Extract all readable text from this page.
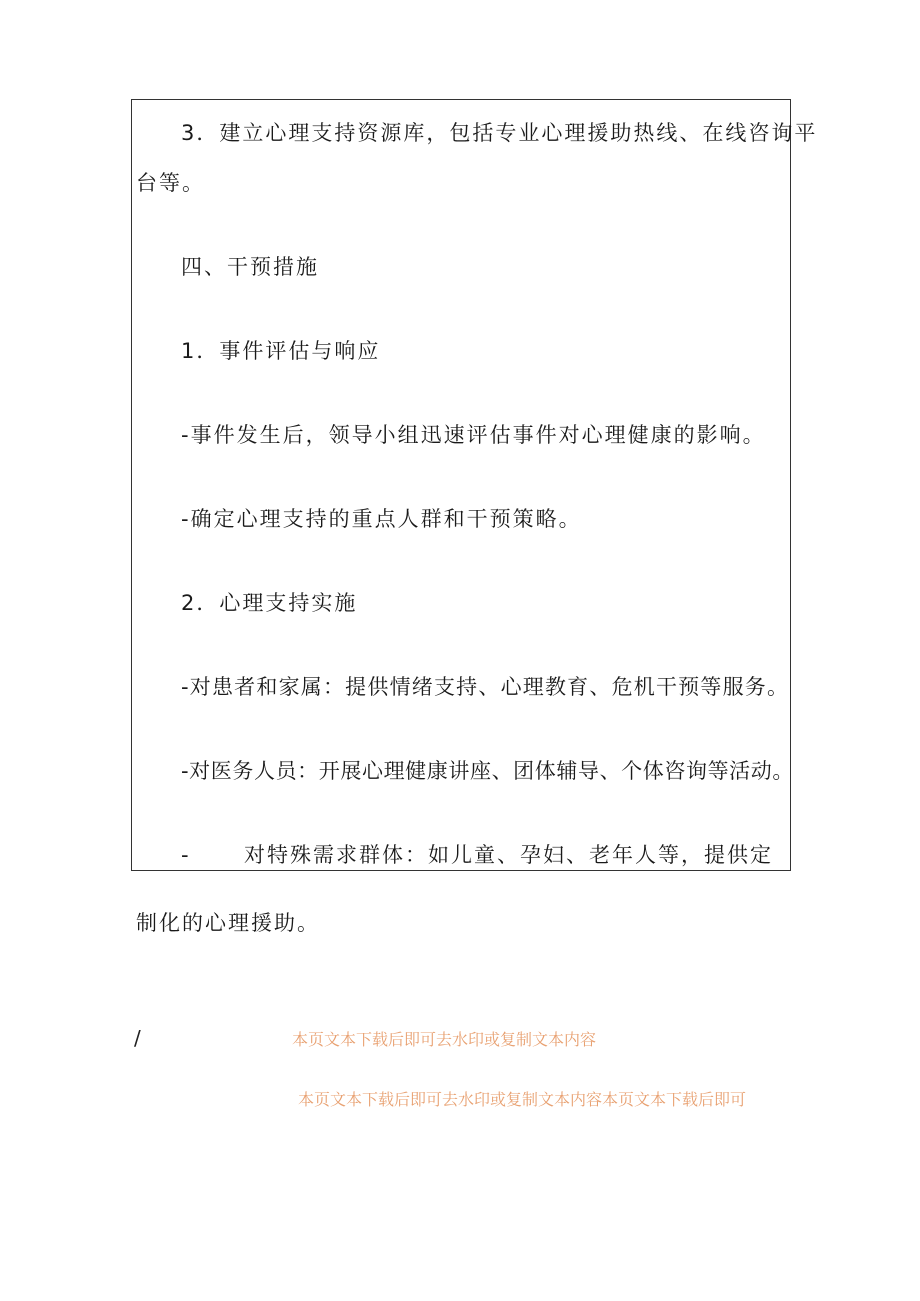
3．建立心理支持资源库，包括专业心理援助热线、在线咨询平
台等。
四、干预措施
1．事件评估与响应
-事件发生后，领导小组迅速评估事件对心理健康的影响。
-确定心理支持的重点人群和干预策略。
2．心理支持实施
-对患者和家属：提供情绪支持、心理教育、危机干预等服务。
-对医务人员：开展心理健康讲座、团体辅导、个体咨询等活动。
-	对特殊需求群体：如儿童、孕妇、老年人等，提供定
制化的心理援助。
/	本页文本下载后即可去水印或复制文本内容
本页文本下载后即可去水印或复制文本内容本页文本下载后即可
